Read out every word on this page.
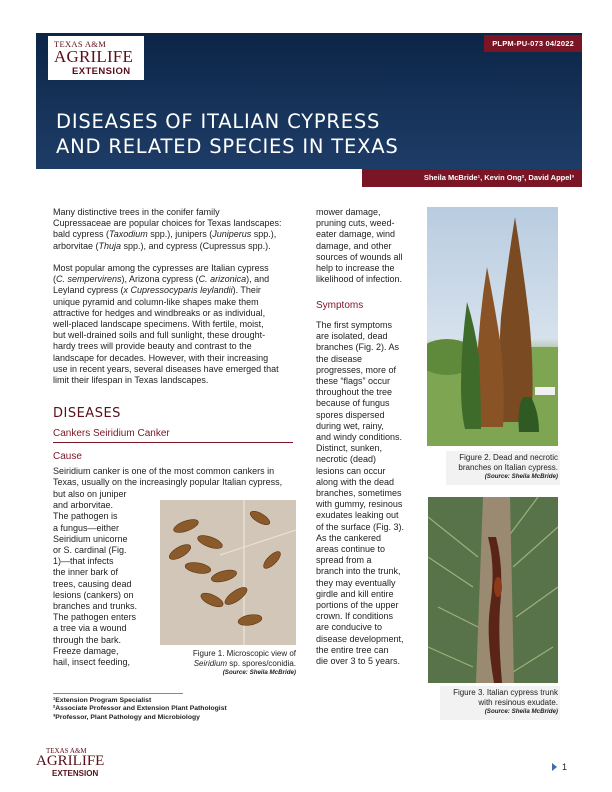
TEXAS A&M
AGRILIFE
EXTENSION
PLPM-PU-073 04/2022
DISEASES OF ITALIAN CYPRESS
AND RELATED SPECIES IN TEXAS
Sheila McBride¹, Kevin Ong², David Appel³
Many distinctive trees in the conifer family
Cupressaceae are popular choices for Texas landscapes:
bald cypress (Taxodium spp.), junipers (Juniperus spp.),
arborvitae (Thuja spp.), and cypress (Cupressus spp.).
Most popular among the cypresses are Italian cypress
(C. sempervirens), Arizona cypress (C. arizonica), and
Leyland cypress (x Cupressocyparis leylandii). Their
unique pyramid and column-like shapes make them
attractive for hedges and windbreaks or as individual,
well-placed landscape specimens. With fertile, moist,
but well-drained soils and full sunlight, these drought-
hardy trees will provide beauty and contrast to the
landscape for decades. However, with their increasing
use in recent years, several diseases have emerged that
limit their lifespan in Texas landscapes.
DISEASES
Cankers Seiridium Canker
Cause
Seiridium canker is one of the most common cankers in
Texas, usually on the increasingly popular Italian cypress,
but also on juniper
and arborvitae.
The pathogen is
a fungus—either
Seiridium unicorne
or S. cardinal (Fig.
1)—that infects
the inner bark of
trees, causing dead
lesions (cankers) on
branches and trunks.
The pathogen enters
a tree via a wound
through the bark.
Freeze damage,
hail, insect feeding,
Figure 1. Microscopic view of
Seiridium sp. spores/conidia.
(Source: Sheila McBride)
mower damage,
pruning cuts, weed-
eater damage, wind
damage, and other
sources of wounds all
help to increase the
likelihood of infection.
Symptoms
The first symptoms
are isolated, dead
branches (Fig. 2). As
the disease
progresses, more of
these “flags” occur
throughout the tree
because of fungus
spores dispersed
during wet, rainy,
and windy conditions.
Distinct, sunken,
necrotic (dead)
lesions can occur
along with the dead
branches, sometimes
with gummy, resinous
exudates leaking out
of the surface (Fig. 3).
As the cankered
areas continue to
spread from a
branch into the trunk,
they may eventually
girdle and kill entire
portions of the upper
crown. If conditions
are conducive to
disease development,
the entire tree can
die over 3 to 5 years.
Figure 2. Dead and necrotic
branches on Italian cypress.
(Source: Sheila McBride)
Figure 3. Italian cypress trunk
with resinous exudate.
(Source: Sheila McBride)
¹Extension Program Specialist
²Associate Professor and Extension Plant Pathologist
³Professor, Plant Pathology and Microbiology
TEXAS A&M
AGRILIFE
EXTENSION
1
